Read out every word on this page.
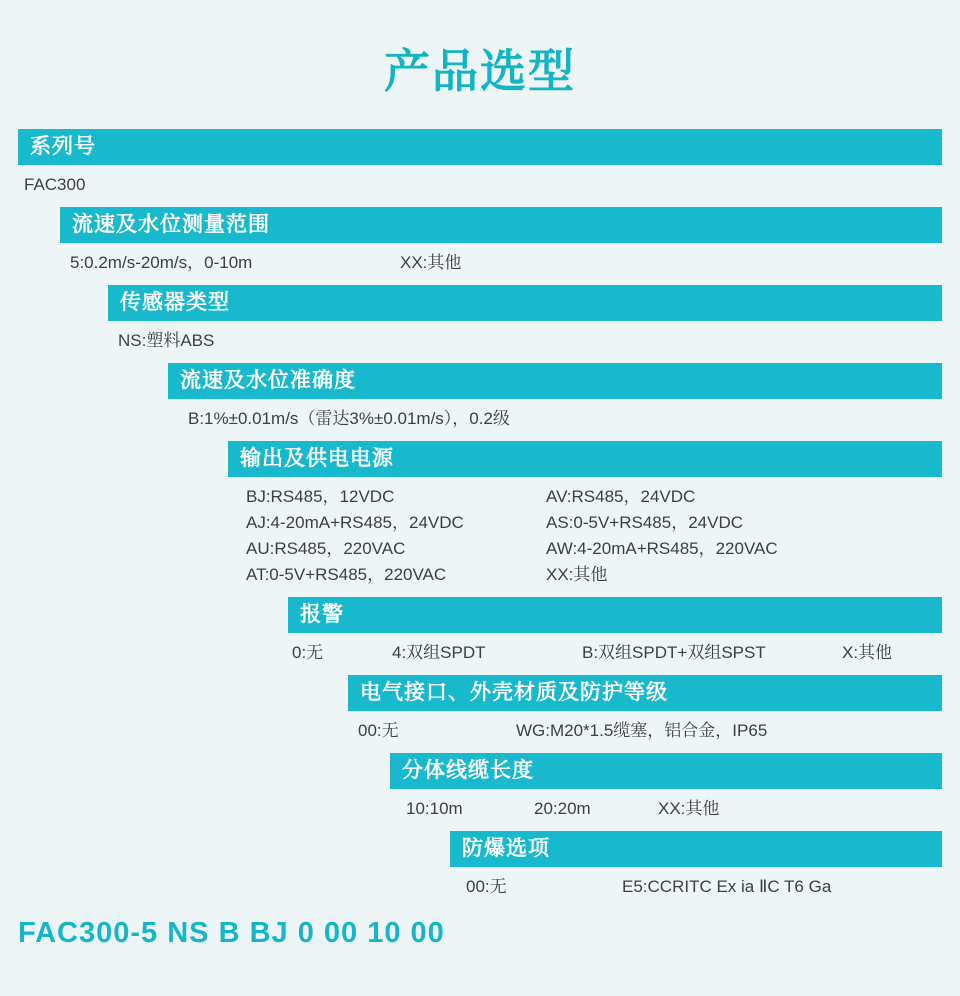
产品选型
系列号
FAC300
流速及水位测量范围
5:0.2m/s-20m/s，0-10m	XX:其他
传感器类型
NS:塑料ABS
流速及水位准确度
B:1%±0.01m/s（雷达3%±0.01m/s），0.2级
输出及供电电源
BJ:RS485，12VDC	AV:RS485，24VDC
AJ:4-20mA+RS485，24VDC	AS:0-5V+RS485，24VDC
AU:RS485，220VAC	AW:4-20mA+RS485，220VAC
AT:0-5V+RS485，220VAC	XX:其他
报警
0:无	4:双组SPDT	B:双组SPDT+双组SPST	X:其他
电气接口、外壳材质及防护等级
00:无	WG:M20*1.5缆塞，铝合金，IP65
分体线缆长度
10:10m	20:20m	XX:其他
防爆选项
00:无	E5:CCRITC Ex ia ⅡC T6 Ga
FAC300-5 NS B BJ 0 00 10 00
